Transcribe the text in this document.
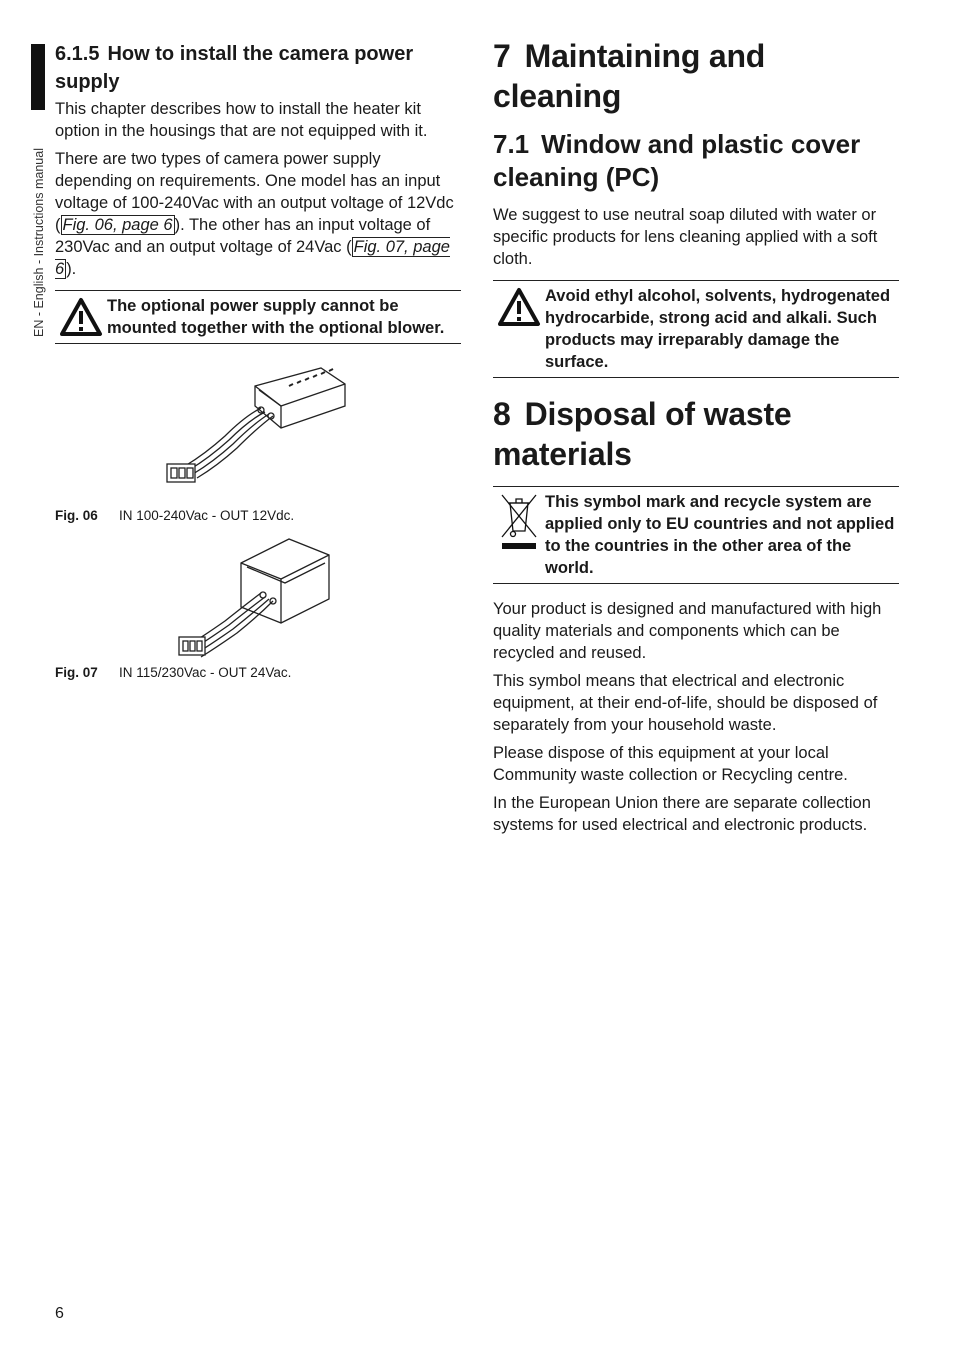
EN - English - Instructions manual
6.1.5 How to install the camera power supply

This chapter describes how to install the heater kit option in the housings that are not equipped with it.

There are two types of camera power supply depending on requirements. One model has an input voltage of 100-240Vac with an output voltage of 12Vdc ( Fig. 06, page 6 ). The other has an input voltage of 230Vac and an output voltage of 24Vac ( Fig. 07, page 6 ).

The optional power supply cannot be mounted together with the optional blower.
Fig. 06	IN 100-240Vac - OUT 12Vdc.
Fig. 07	IN 115/230Vac - OUT 24Vac.
7 Maintaining and cleaning
7.1 Window and plastic cover cleaning (PC)

We suggest to use neutral soap diluted with water or specific products for lens cleaning applied with a soft cloth.

Avoid ethyl alcohol, solvents, hydrogenated hydrocarbide, strong acid and alkali. Such products may irreparably damage the surface.
8 Disposal of waste materials
This symbol mark and recycle system are applied only to EU countries and not applied to the countries in the other area of the world.

Your product is designed and manufactured with high quality materials and components which can be recycled and reused.

This symbol means that electrical and electronic equipment, at their end-of-life, should be disposed of separately from your household waste.

Please dispose of this equipment at your local Community waste collection or Recycling centre.

In the European Union there are separate collection systems for used electrical and electronic products.

6
